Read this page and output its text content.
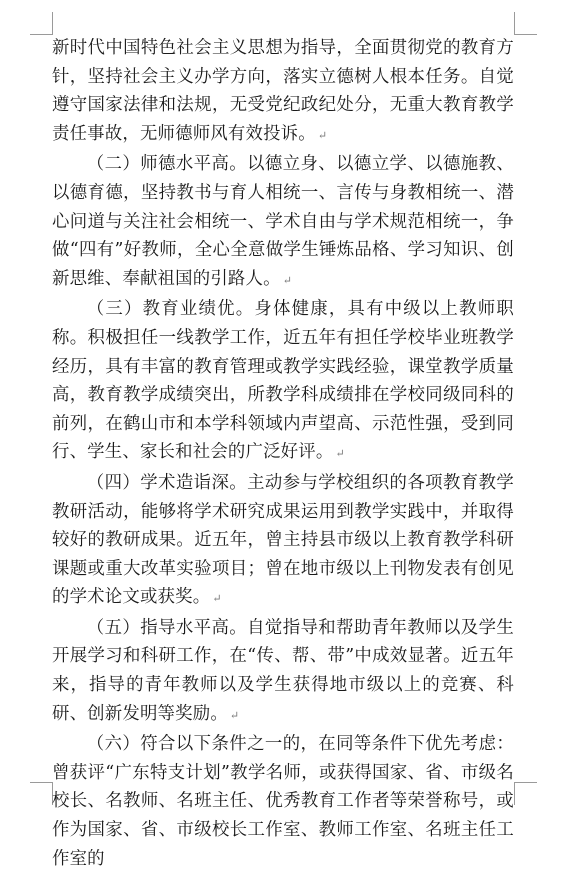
新时代中国特色社会主义思想为指导，全面贯彻党的教育方针，坚持社会主义办学方向，落实立德树人根本任务。自觉遵守国家法律和法规，无受党纪政纪处分，无重大教育教学责任事故，无师德师风有效投诉。 ↵

（二）师德水平高。以德立身、以德立学、以德施教、以德育德，坚持教书与育人相统一、言传与身教相统一、潜心问道与关注社会相统一、学术自由与学术规范相统一，争做“四有”好教师，全心全意做学生锤炼品格、学习知识、创新思维、奉献祖国的引路人。 ↵

（三）教育业绩优。身体健康，具有中级以上教师职称。积极担任一线教学工作，近五年有担任学校毕业班教学经历，具有丰富的教育管理或教学实践经验，课堂教学质量高，教育教学成绩突出，所教学科成绩排在学校同级同科的前列，在鹤山市和本学科领域内声望高、示范性强，受到同行、学生、家长和社会的广泛好评。 ↵

（四）学术造诣深。主动参与学校组织的各项教育教学教研活动，能够将学术研究成果运用到教学实践中，并取得较好的教研成果。近五年，曾主持县市级以上教育教学科研课题或重大改革实验项目；曾在地市级以上刊物发表有创见的学术论文或获奖。 ↵

（五）指导水平高。自觉指导和帮助青年教师以及学生开展学习和科研工作，在“传、帮、带”中成效显著。近五年来，指导的青年教师以及学生获得地市级以上的竞赛、科研、创新发明等奖励。 ↵

（六）符合以下条件之一的，在同等条件下优先考虑：曾获评“广东特支计划”教学名师，或获得国家、省、市级名校长、名教师、名班主任、优秀教育工作者等荣誉称号，或作为国家、省、市级校长工作室、教师工作室、名班主任工作室的
